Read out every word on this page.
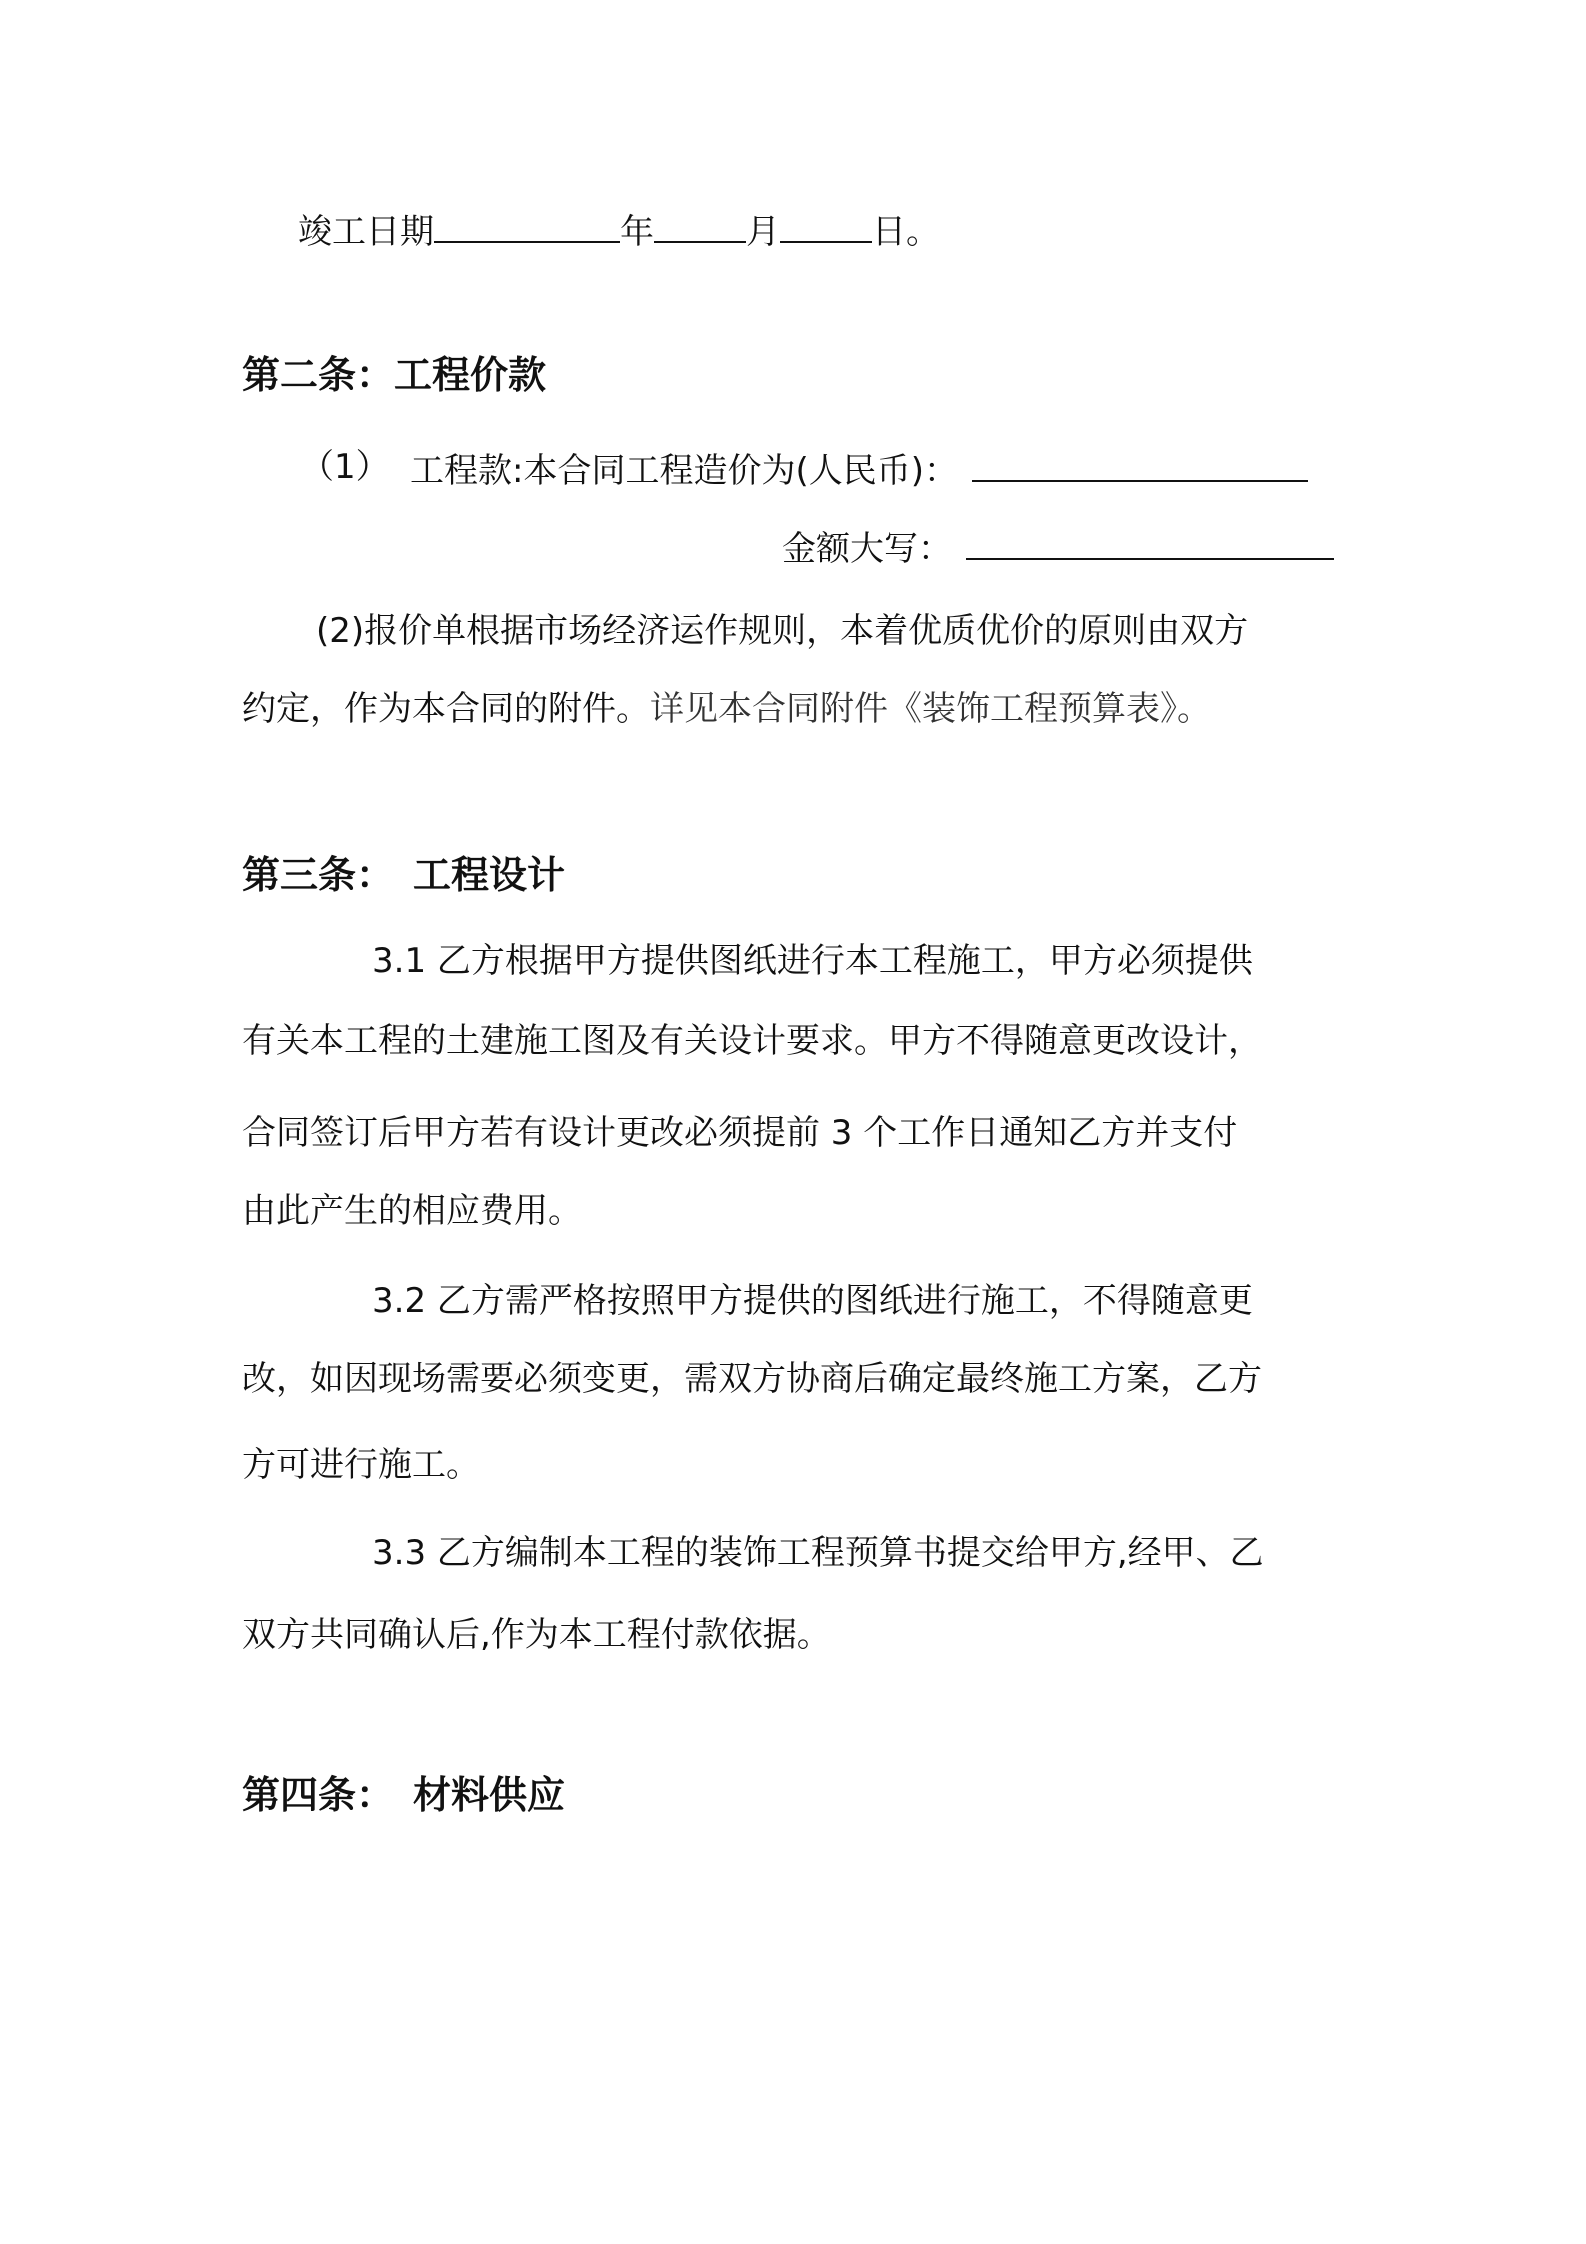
竣工日期	年	月	日。
第二条：工程价款
（1） 工程款:本合同工程造价为(人民币)：
金额大写：
(2)报价单根据市场经济运作规则，本着优质优价的原则由双方
约定，作为本合同的附件。详见本合同附件《装饰工程预算表》。
第三条：　工程设计
3.1 乙方根据甲方提供图纸进行本工程施工，甲方必须提供
有关本工程的土建施工图及有关设计要求。甲方不得随意更改设计，
合同签订后甲方若有设计更改必须提前 3 个工作日通知乙方并支付
由此产生的相应费用。
3.2 乙方需严格按照甲方提供的图纸进行施工，不得随意更
改，如因现场需要必须变更，需双方协商后确定最终施工方案，乙方
方可进行施工。
3.3 乙方编制本工程的装饰工程预算书提交给甲方,经甲、乙
双方共同确认后,作为本工程付款依据。
第四条：　材料供应
